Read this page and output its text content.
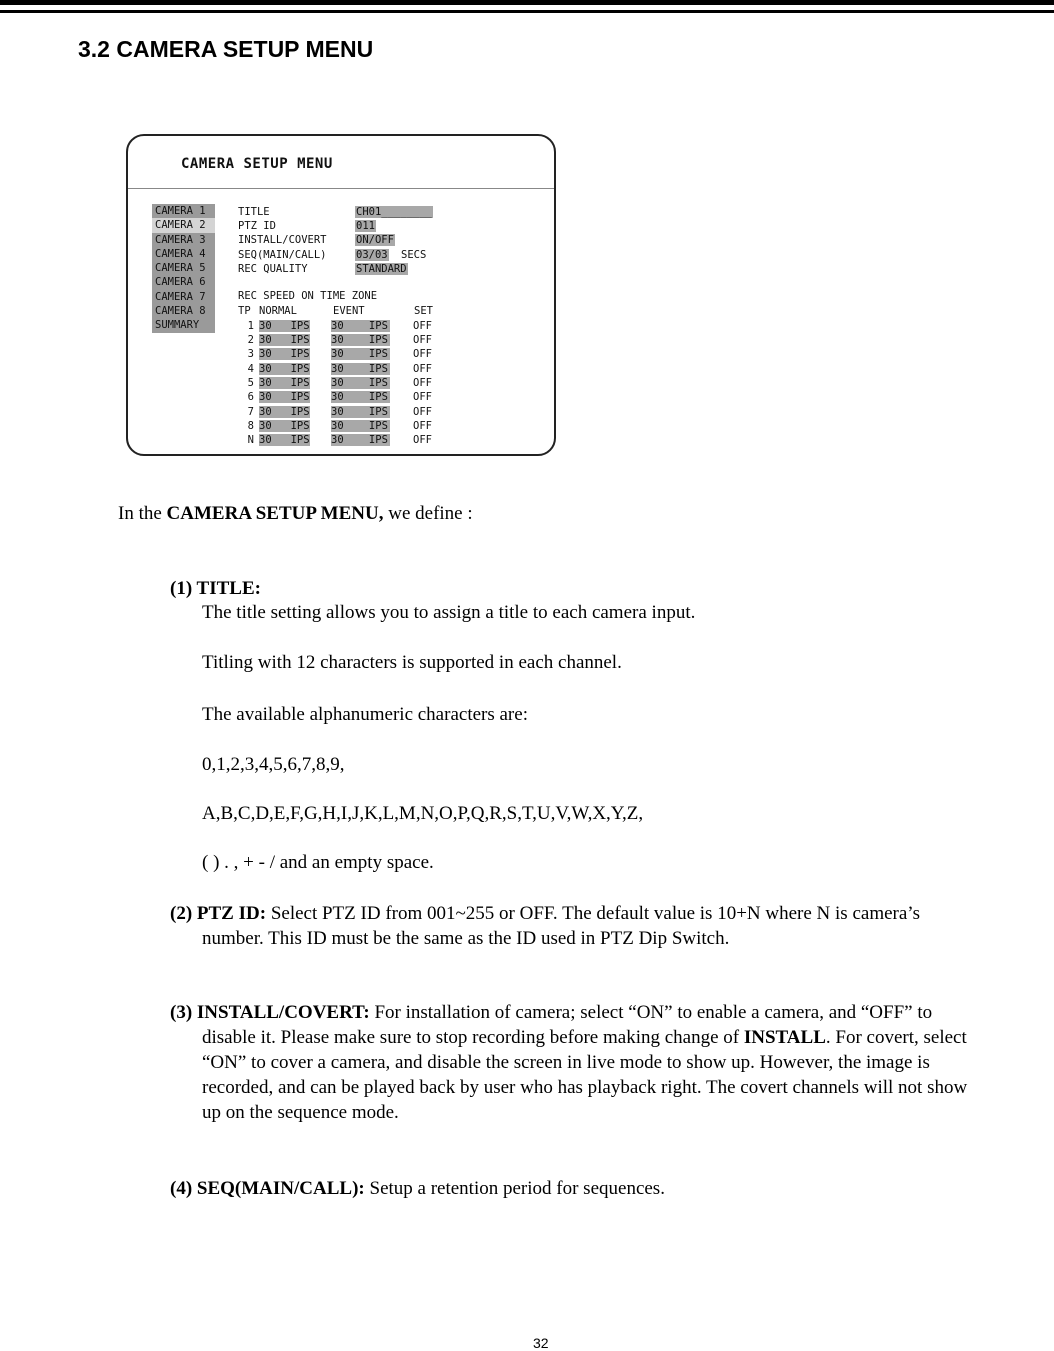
3.2 CAMERA SETUP MENU
CAMERA SETUP MENU
CAMERA 1
CAMERA 2
CAMERA 3
CAMERA 4
CAMERA 5
CAMERA 6
CAMERA 7
CAMERA 8
SUMMARY
TITLE	CH01________
PTZ ID	011
INSTALL/COVERT	ON/OFF
SEQ(MAIN/CALL)	03/03 SECS
REC QUALITY	STANDARD
REC SPEED ON TIME ZONE
TP NORMAL	EVENT	SET
1 30   IPS 30    IPS OFF
2 30   IPS 30    IPS OFF
3 30   IPS 30    IPS OFF
4 30   IPS 30    IPS OFF
5 30   IPS 30    IPS OFF
6 30   IPS 30    IPS OFF
7 30   IPS 30    IPS OFF
8 30   IPS 30    IPS OFF
N 30   IPS 30    IPS OFF
In the CAMERA SETUP MENU, we define :
(1) TITLE:
The title setting allows you to assign a title to each camera input.
Titling with 12 characters is supported in each channel.
The available alphanumeric characters are:
0,1,2,3,4,5,6,7,8,9,
A,B,C,D,E,F,G,H,I,J,K,L,M,N,O,P,Q,R,S,T,U,V,W,X,Y,Z,
( ) . , + - / and an empty space.
(2) PTZ ID: Select PTZ ID from 001~255 or OFF. The default value is 10+N where N is camera’s
number. This ID must be the same as the ID used in PTZ Dip Switch.
(3) INSTALL/COVERT: For installation of camera; select “ON” to enable a camera, and “OFF” to
disable it. Please make sure to stop recording before making change of INSTALL. For covert, select
“ON” to cover a camera, and disable the screen in live mode to show up. However, the image is
recorded, and can be played back by user who has playback right. The covert channels will not show
up on the sequence mode.
(4) SEQ(MAIN/CALL): Setup a retention period for sequences.
32
